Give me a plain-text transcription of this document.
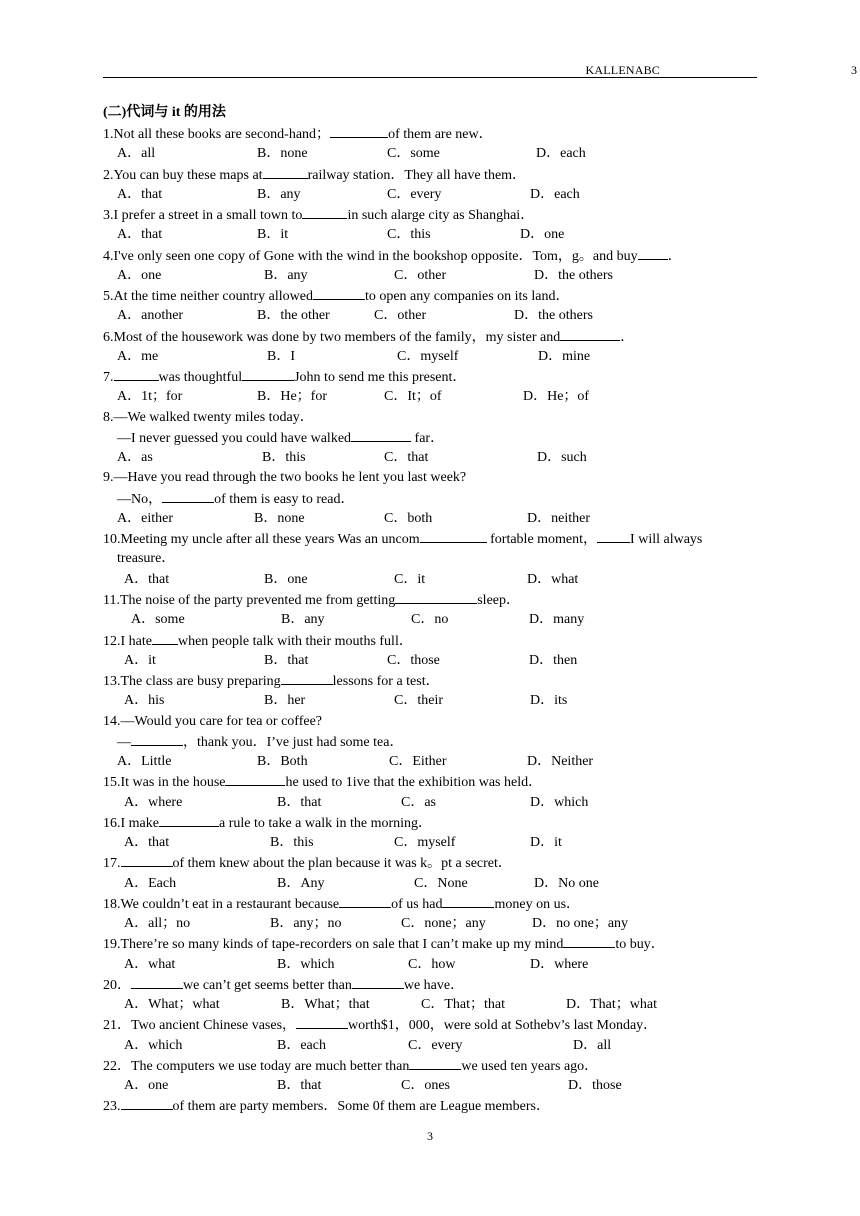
KALLENABC	3
(二)代词与 it 的用法
1.Not all these books are second-hand；	of them are new．
A．all	B．none	C．some	D．each
2.You can buy these maps at	railway station．They all have them．
A．that	B．any	C．every	D．each
3.I prefer a street in a small town to	in such alarge city as Shanghai．
A．that	B．it	C．this	D．one
4.I've only seen one copy of Gone with the wind in the bookshop opposite．Tom，g。and buy ．
A．one	B．any	C．other	D．the others
5.At the time neither country allowed	to open any companies on its land．
A．another	B．the other	C．other	D．the others
6.Most of the housework was done by two members of the family，my sister and	．
A．me	B．I	C．myself	D．mine
7.	was thoughtful	John to send me this present．
A．1t；for	B．He；for	C．It；of	D．He；of
8.—We walked twenty miles today．
—I never guessed you could have walked	far．
A．as	B．this	C．that	D．such
9.—Have you read through the two books he lent you last week?
—No，	of them is easy to read．
A．either	B．none	C．both	D．neither
10.Meeting my uncle after all these years Was an uncom	fortable moment， I will always
treasure．
A．that	B．one	C．it	D．what
11.The noise of the party prevented me from getting	sleep．
A．some	B．any	C．no	D．many
12.I hate when people talk with their mouths full．
A．it	B．that	C．those	D．then
13.The class are busy preparing	lessons for a test．
A．his	B．her	C．their	D．its
14.—Would you care for tea or coffee?
—	，thank you．I’ve just had some tea．
A．Little	B．Both	C．Either	D．Neither
15.It was in the house	he used to 1ive that the exhibition was held．
A．where	B．that	C．as	D．which
16.I make	a rule to take a walk in the morning．
A．that	B．this	C．myself	D．it
17.	of them knew about the plan because it was k。pt a secret．
A．Each	B．Any	C．None	D．No one
18.We couldn’t eat in a restaurant because	of us had	money on us．
A．all；no	B．any；no	C．none；any	D．no one；any
19.There’re so many kinds of tape-recorders on sale that I can’t make up my mind	to buy．
A．what	B．which	C．how	D．where
20．	we can’t get seems better than	we have．
A．What；what	B．What；that	C．That；that	D．That；what
21．Two ancient Chinese vases，	worth$1，000，were sold at Sothebv’s last Monday．
A．which	B．each	C．every	D．all
22．The computers we use today are much better than	we used ten years ago．
A．one	B．that	C．ones	D．those
23.	of them are party members．Some 0f them are League members．
3
